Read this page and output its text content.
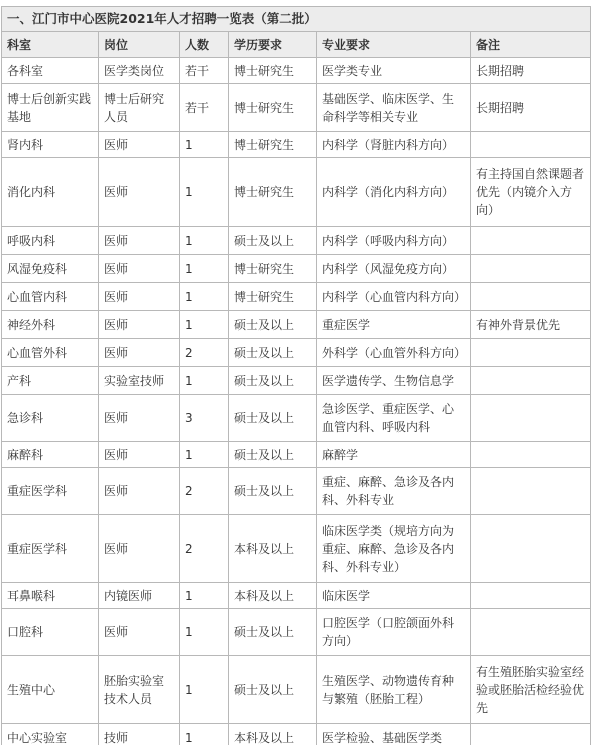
一、江门市中心医院2021年人才招聘一览表（第二批）					
科室	岗位	人数	学历要求	专业要求	备注
各科室	医学类岗位	若干	博士研究生	医学类专业	长期招聘
博士后创新实践基地	博士后研究人员	若干	博士研究生	基础医学、临床医学、生命科学等相关专业	长期招聘
肾内科	医师	1	博士研究生	内科学（肾脏内科方向）	
消化内科	医师	1	博士研究生	内科学（消化内科方向）	有主持国自然课题者优先（内镜介入方向）
呼吸内科	医师	1	硕士及以上	内科学（呼吸内科方向）	
风湿免疫科	医师	1	博士研究生	内科学（风湿免疫方向）	
心血管内科	医师	1	博士研究生	内科学（心血管内科方向）	
神经外科	医师	1	硕士及以上	重症医学	有神外背景优先
心血管外科	医师	2	硕士及以上	外科学（心血管外科方向）	
产科	实验室技师	1	硕士及以上	医学遗传学、生物信息学	
急诊科	医师	3	硕士及以上	急诊医学、重症医学、心血管内科、呼吸内科	
麻醉科	医师	1	硕士及以上	麻醉学	
重症医学科	医师	2	硕士及以上	重症、麻醉、急诊及各内科、外科专业	
重症医学科	医师	2	本科及以上	临床医学类（规培方向为重症、麻醉、急诊及各内科、外科专业）	
耳鼻喉科	内镜医师	1	本科及以上	临床医学	
口腔科	医师	1	硕士及以上	口腔医学（口腔颌面外科方向）	
生殖中心	胚胎实验室技术人员	1	硕士及以上	生殖医学、动物遗传育种与繁殖（胚胎工程）	有生殖胚胎实验室经验或胚胎活检经验优先
中心实验室	技师	1	本科及以上	医学检验、基础医学类	
